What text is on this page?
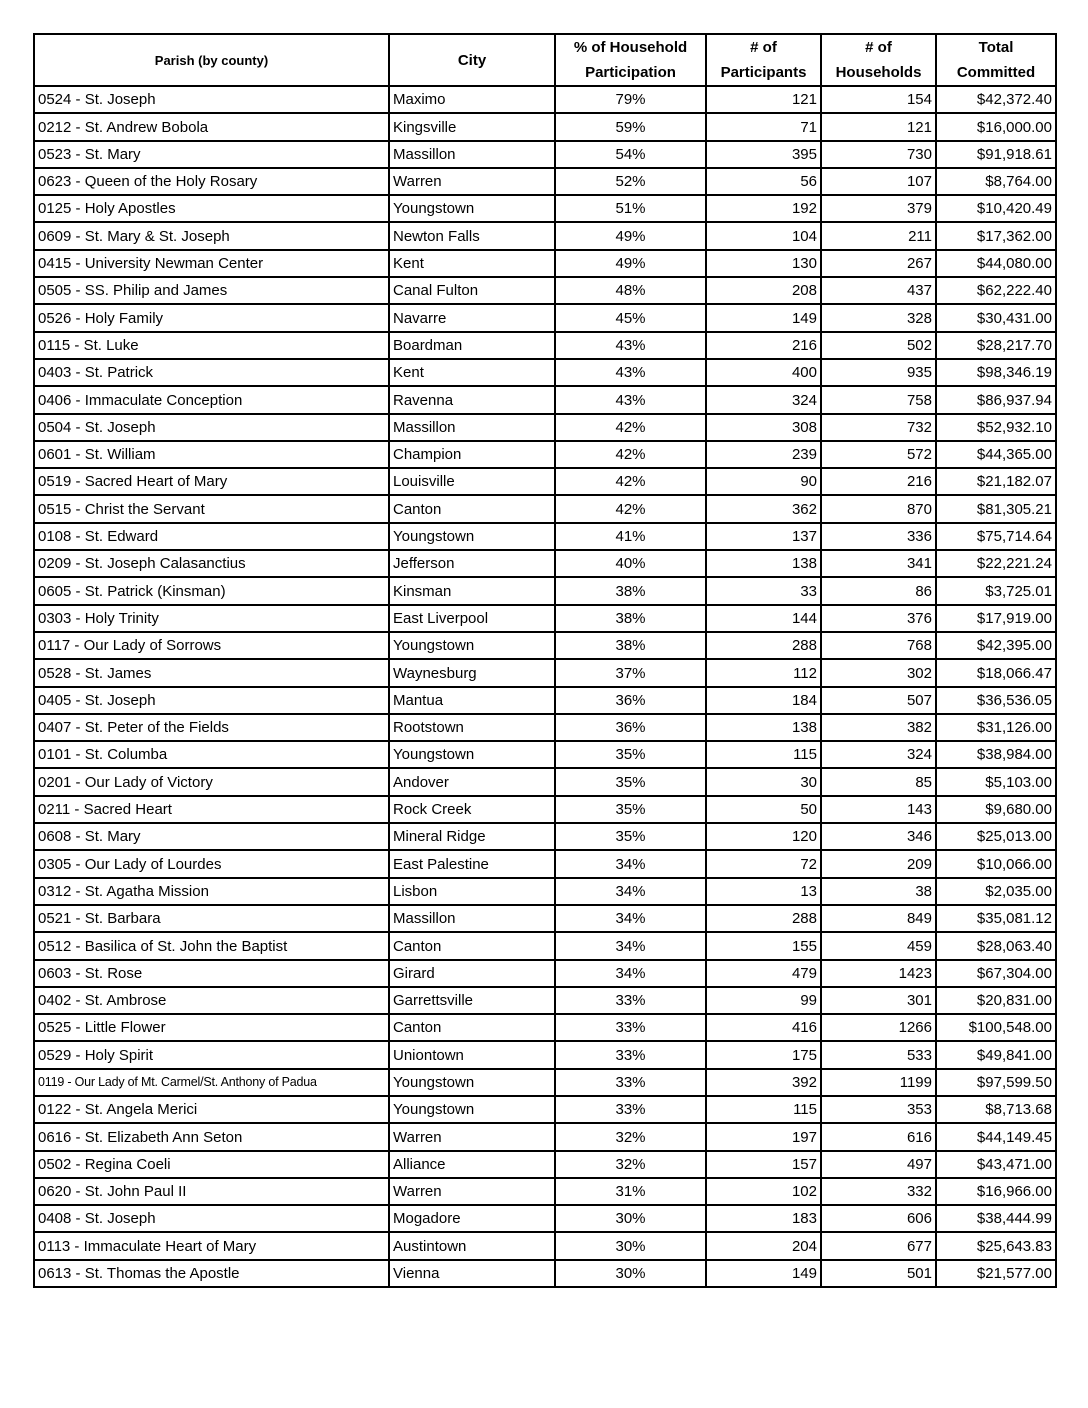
Parish (by county)	City	% of Household Participation	# of Participants	# of Households	Total Committed
0524 - St. Joseph	Maximo	79%	121	154	$42,372.40
0212 - St. Andrew Bobola	Kingsville	59%	71	121	$16,000.00
0523 - St. Mary	Massillon	54%	395	730	$91,918.61
0623 - Queen of the Holy Rosary	Warren	52%	56	107	$8,764.00
0125 - Holy Apostles	Youngstown	51%	192	379	$10,420.49
0609 - St. Mary & St. Joseph	Newton Falls	49%	104	211	$17,362.00
0415 - University Newman Center	Kent	49%	130	267	$44,080.00
0505 - SS. Philip and James	Canal Fulton	48%	208	437	$62,222.40
0526 - Holy Family	Navarre	45%	149	328	$30,431.00
0115 - St. Luke	Boardman	43%	216	502	$28,217.70
0403 - St. Patrick	Kent	43%	400	935	$98,346.19
0406 - Immaculate Conception	Ravenna	43%	324	758	$86,937.94
0504 - St. Joseph	Massillon	42%	308	732	$52,932.10
0601 - St. William	Champion	42%	239	572	$44,365.00
0519 - Sacred Heart of Mary	Louisville	42%	90	216	$21,182.07
0515 - Christ the Servant	Canton	42%	362	870	$81,305.21
0108 - St. Edward	Youngstown	41%	137	336	$75,714.64
0209 - St. Joseph Calasanctius	Jefferson	40%	138	341	$22,221.24
0605 - St. Patrick (Kinsman)	Kinsman	38%	33	86	$3,725.01
0303 - Holy Trinity	East Liverpool	38%	144	376	$17,919.00
0117 - Our Lady of Sorrows	Youngstown	38%	288	768	$42,395.00
0528 - St. James	Waynesburg	37%	112	302	$18,066.47
0405 - St. Joseph	Mantua	36%	184	507	$36,536.05
0407 - St. Peter of the Fields	Rootstown	36%	138	382	$31,126.00
0101 - St. Columba	Youngstown	35%	115	324	$38,984.00
0201 - Our Lady of Victory	Andover	35%	30	85	$5,103.00
0211 - Sacred Heart	Rock Creek	35%	50	143	$9,680.00
0608 - St. Mary	Mineral Ridge	35%	120	346	$25,013.00
0305 - Our Lady of Lourdes	East Palestine	34%	72	209	$10,066.00
0312 - St. Agatha Mission	Lisbon	34%	13	38	$2,035.00
0521 - St. Barbara	Massillon	34%	288	849	$35,081.12
0512 - Basilica of St. John the Baptist	Canton	34%	155	459	$28,063.40
0603 - St. Rose	Girard	34%	479	1423	$67,304.00
0402 - St. Ambrose	Garrettsville	33%	99	301	$20,831.00
0525 - Little Flower	Canton	33%	416	1266	$100,548.00
0529 - Holy Spirit	Uniontown	33%	175	533	$49,841.00
0119 - Our Lady of Mt. Carmel/St. Anthony of Padua	Youngstown	33%	392	1199	$97,599.50
0122 - St. Angela Merici	Youngstown	33%	115	353	$8,713.68
0616 - St. Elizabeth Ann Seton	Warren	32%	197	616	$44,149.45
0502 - Regina Coeli	Alliance	32%	157	497	$43,471.00
0620 - St. John Paul II	Warren	31%	102	332	$16,966.00
0408 - St. Joseph	Mogadore	30%	183	606	$38,444.99
0113 - Immaculate Heart of Mary	Austintown	30%	204	677	$25,643.83
0613 - St. Thomas the Apostle	Vienna	30%	149	501	$21,577.00
